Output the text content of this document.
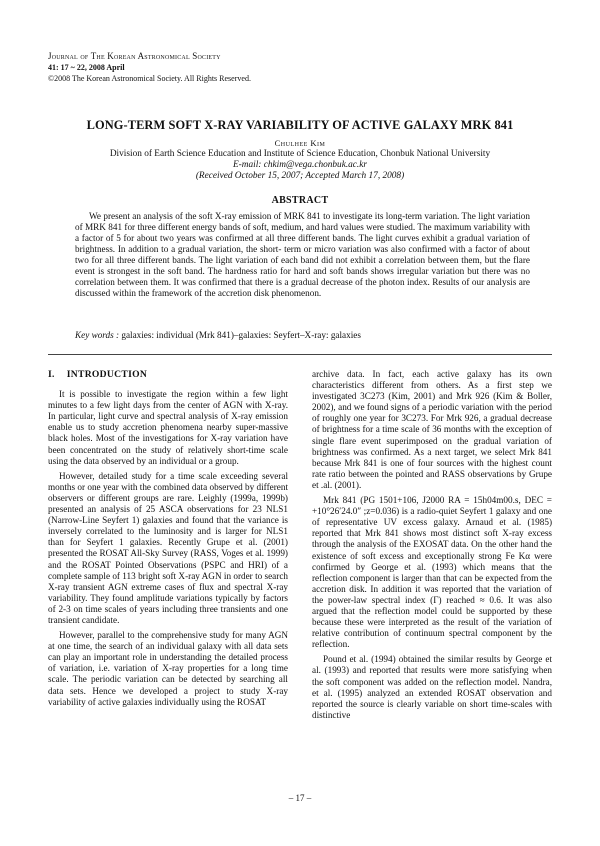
Journal of The Korean Astronomical Society
41: 17 ~ 22, 2008 April
©2008 The Korean Astronomical Society. All Rights Reserved.
LONG-TERM SOFT X-RAY VARIABILITY OF ACTIVE GALAXY MRK 841
Chulhee Kim
Division of Earth Science Education and Institute of Science Education, Chonbuk National University
E-mail: chkim@vega.chonbuk.ac.kr
(Received October 15, 2007; Accepted March 17, 2008)
ABSTRACT

We present an analysis of the soft X-ray emission of MRK 841 to investigate its long-term variation. The light variation of MRK 841 for three different energy bands of soft, medium, and hard values were studied. The maximum variability with a factor of 5 for about two years was confirmed at all three different bands. The light curves exhibit a gradual variation of brightness. In addition to a gradual variation, the short- term or micro variation was also confirmed with a factor of about two for all three different bands. The light variation of each band did not exhibit a correlation between them, but the flare event is strongest in the soft band. The hardness ratio for hard and soft bands shows irregular variation but there was no correlation between them. It was confirmed that there is a gradual decrease of the photon index. Results of our analysis are discussed within the framework of the accretion disk phenomenon.

Key words : galaxies: individual (Mrk 841)–galaxies: Seyfert–X-ray: galaxies
I. INTRODUCTION

It is possible to investigate the region within a few light minutes to a few light days from the center of AGN with X-ray. In particular, light curve and spectral analysis of X-ray emission enable us to study accretion phenomena nearby super-massive black holes. Most of the investigations for X-ray variation have been concentrated on the study of relatively short-time scale using the data observed by an individual or a group.

However, detailed study for a time scale exceeding several months or one year with the combined data observed by different observers or different groups are rare. Leighly (1999a, 1999b) presented an analysis of 25 ASCA observations for 23 NLS1 (Narrow-Line Seyfert 1) galaxies and found that the variance is inversely correlated to the luminosity and is larger for NLS1 than for Seyfert 1 galaxies. Recently Grupe et al. (2001) presented the ROSAT All-Sky Survey (RASS, Voges et al. 1999) and the ROSAT Pointed Observations (PSPC and HRI) of a complete sample of 113 bright soft X-ray AGN in order to search X-ray transient AGN extreme cases of flux and spectral X-ray variability. They found amplitude variations typically by factors of 2-3 on time scales of years including three transients and one transient candidate.

However, parallel to the comprehensive study for many AGN at one time, the search of an individual galaxy with all data sets can play an important role in understanding the detailed process of variation, i.e. variation of X-ray properties for a long time scale. The periodic variation can be detected by searching all data sets. Hence we developed a project to study X-ray variability of active galaxies individually using the ROSAT

archive data. In fact, each active galaxy has its own characteristics different from others. As a first step we investigated 3C273 (Kim, 2001) and Mrk 926 (Kim & Boller, 2002), and we found signs of a periodic variation with the period of roughly one year for 3C273. For Mrk 926, a gradual decrease of brightness for a time scale of 36 months with the exception of single flare event superimposed on the gradual variation of brightness was confirmed. As a next target, we select Mrk 841 because Mrk 841 is one of four sources with the highest count rate ratio between the pointed and RASS observations by Grupe et .al. (2001).

Mrk 841 (PG 1501+106, J2000 RA = 15h04m00.s, DEC = +10°26′24.0″ ;z=0.036) is a radio-quiet Seyfert 1 galaxy and one of representative UV excess galaxy. Arnaud et al. (1985) reported that Mrk 841 shows most distinct soft X-ray excess through the analysis of the EXOSAT data. On the other hand the existence of soft excess and exceptionally strong Fe Kα were confirmed by George et al. (1993) which means that the reflection component is larger than that can be expected from the accretion disk. In addition it was reported that the variation of the power-law spectral index (Γ) reached ≈ 0.6. It was also argued that the reflection model could be supported by these because these were interpreted as the result of the variation of relative contribution of continuum spectral component by the reflection.

Pound et al. (1994) obtained the similar results by George et al. (1993) and reported that results were more satisfying when the soft component was added on the reflection model. Nandra, et al. (1995) analyzed an extended ROSAT observation and reported the source is clearly variable on short time-scales with distinctive

– 17 –
